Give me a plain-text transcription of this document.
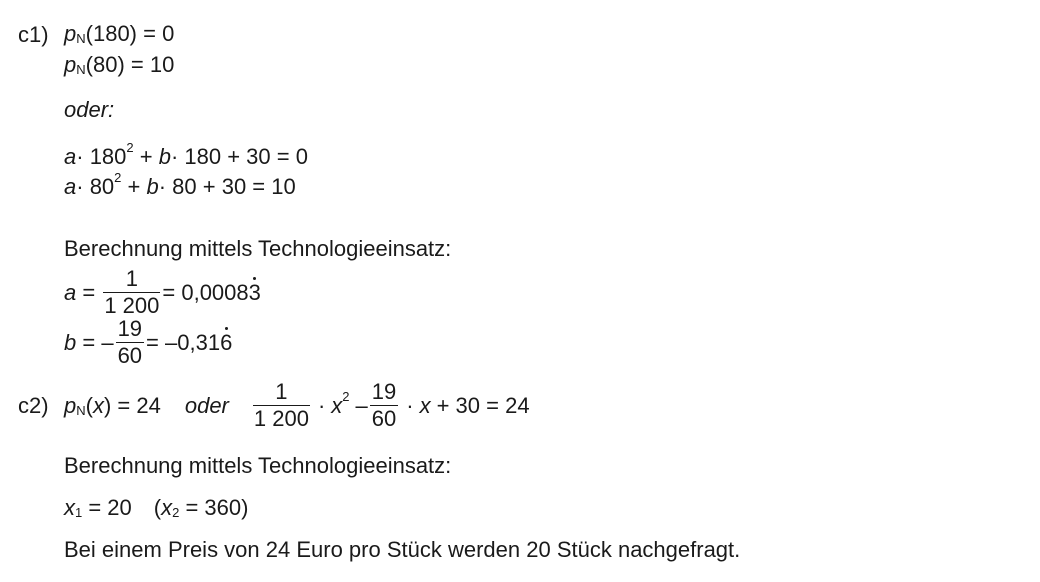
c1) $p_N$ (180) = 0
$p_N$ (80) = 10
oder:
$a \cdot 180^2 + b \cdot 180 + 30 = 0$
$a \cdot 80^2 + b \cdot 80 + 30 = 10$
Berechnung mittels Technologieeinsatz:
$a = \frac{1}{1 200} = 0,0008$ 3
b = – $\frac{19}{60} = -0,31$ 6
c2) $p_N$ ( x ) = 24 oder $\frac{1}{1 200} \cdot x^2 - \frac{19}{60} \cdot x + 30 = 24$
Berechnung mittels Technologieeinsatz:
$x_1 = 20$ ( $x_2 = 360$)
Bei einem Preis von 24 Euro pro Stück werden 20 Stück nachgefragt.
